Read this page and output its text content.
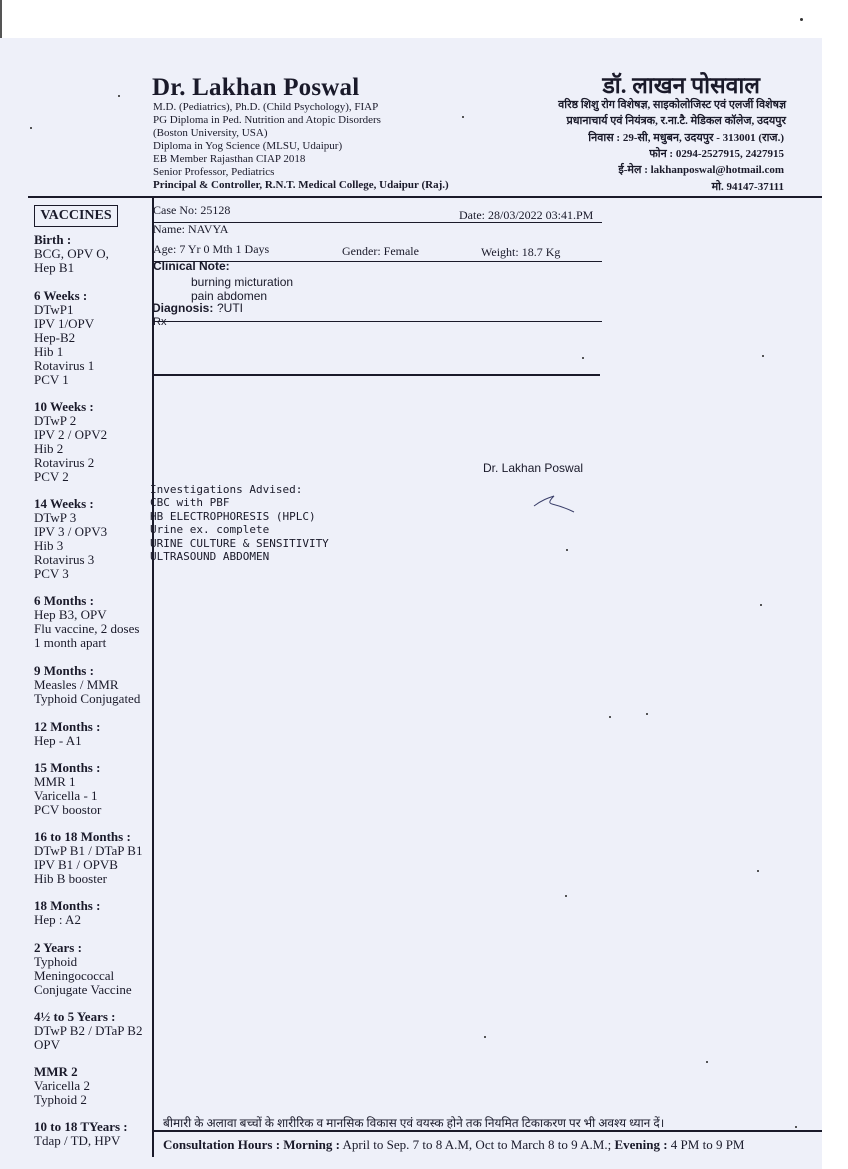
Dr. Lakhan Poswal
M.D. (Pediatrics), Ph.D. (Child Psychology), FIAP
PG Diploma in Ped. Nutrition and Atopic Disorders
(Boston University, USA)
Diploma in Yog Science (MLSU, Udaipur)
EB Member Rajasthan CIAP 2018
Senior Professor, Pediatrics
Principal & Controller, R.N.T. Medical College, Udaipur (Raj.)
डॉ. लाखन पोसवाल
वरिष्ठ शिशु रोग विशेषज्ञ, साइकोलोजिस्ट एवं एलर्जी विशेषज्ञ
प्रधानाचार्य एवं नियंत्रक, र.ना.टै. मेडिकल कॉलेज, उदयपुर
निवास : 29-सी, मधुबन, उदयपुर - 313001 (राज.)
फोन : 0294-2527915, 2427915
ई-मेल : lakhanposwal@hotmail.com
मो. 94147-37111
VACCINES
Birth :
BCG, OPV O,
Hep B1
6 Weeks :
DTwP1
IPV 1/OPV
Hep-B2
Hib 1
Rotavirus 1
PCV 1
10 Weeks :
DTwP 2
IPV 2 / OPV2
Hib 2
Rotavirus 2
PCV 2
14 Weeks :
DTwP 3
IPV 3 / OPV3
Hib 3
Rotavirus 3
PCV 3
6 Months :
Hep B3, OPV
Flu vaccine, 2 doses
1 month apart
9 Months :
Measles / MMR
Typhoid Conjugated
12 Months :
Hep - A1
15 Months :
MMR 1
Varicella - 1
PCV boostor
16 to 18 Months :
DTwP B1 / DTaP B1
IPV B1 / OPVB
Hib B booster
18 Months :
Hep : A2
2 Years :
Typhoid
Meningococcal
Conjugate Vaccine
4½ to 5 Years :
DTwP B2 / DTaP B2
OPV
MMR 2
Varicella 2
Typhoid 2
10 to 18 TYears :
Tdap / TD, HPV
Case No: 25128	Date: 28/03/2022 03:41.PM
Name: NAVYA
Age: 7 Yr 0 Mth 1 Days	Gender: Female	Weight: 18.7 Kg
Clinical Note:
burning micturation
pain abdomen
Diagnosis: ?UTI
Rx
Dr. Lakhan Poswal
Investigations Advised:
CBC with PBF
HB ELECTROPHORESIS (HPLC)
Urine ex. complete
URINE CULTURE & SENSITIVITY
ULTRASOUND ABDOMEN
बीमारी के अलावा बच्चों के शारीरिक व मानसिक विकास एवं वयस्क होने तक नियमित टिकाकरण पर भी अवश्य ध्यान दें।
Consultation Hours : Morning : April to Sep. 7 to 8 A.M, Oct to March 8 to 9 A.M.; Evening : 4 PM to 9 PM
